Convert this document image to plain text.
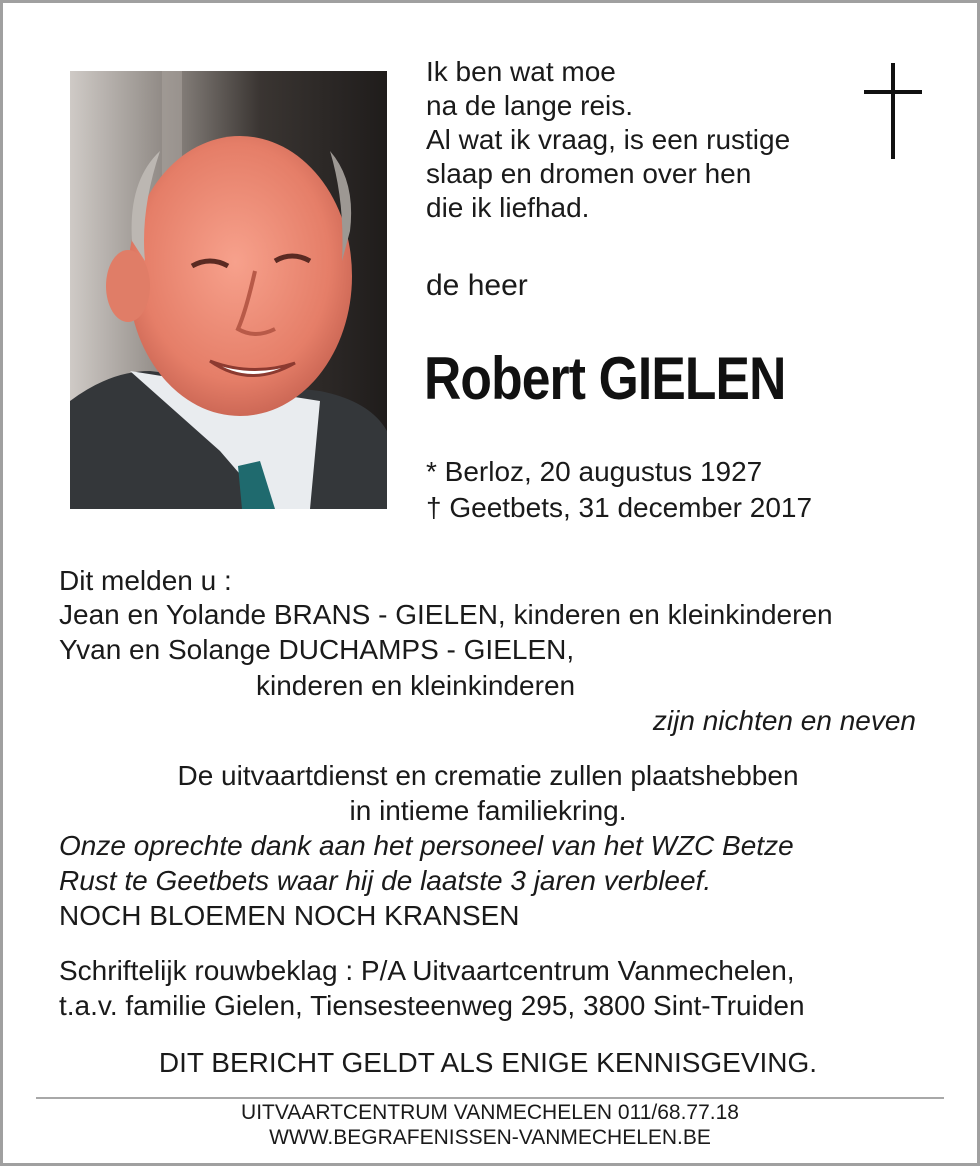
Ik ben wat moe
na de lange reis.
Al wat ik vraag, is een rustige
slaap en dromen over hen
die ik liefhad.
de heer
Robert GIELEN
* Berloz, 20 augustus 1927
† Geetbets, 31 december 2017
Dit melden u :
Jean en Yolande BRANS - GIELEN, kinderen en kleinkinderen
Yvan en Solange DUCHAMPS - GIELEN,
kinderen en kleinkinderen
zijn nichten en neven
De uitvaartdienst en crematie zullen plaatshebben
in intieme familiekring.
Onze oprechte dank aan het personeel van het WZC Betze
Rust te Geetbets waar hij de laatste 3 jaren verbleef.
NOCH BLOEMEN NOCH KRANSEN
Schriftelijk rouwbeklag : P/A Uitvaartcentrum Vanmechelen,
t.a.v. familie Gielen, Tiensesteenweg 295, 3800 Sint-Truiden
DIT BERICHT GELDT ALS ENIGE KENNISGEVING.
UITVAARTCENTRUM VANMECHELEN 011/68.77.18
WWW.BEGRAFENISSEN-VANMECHELEN.BE
